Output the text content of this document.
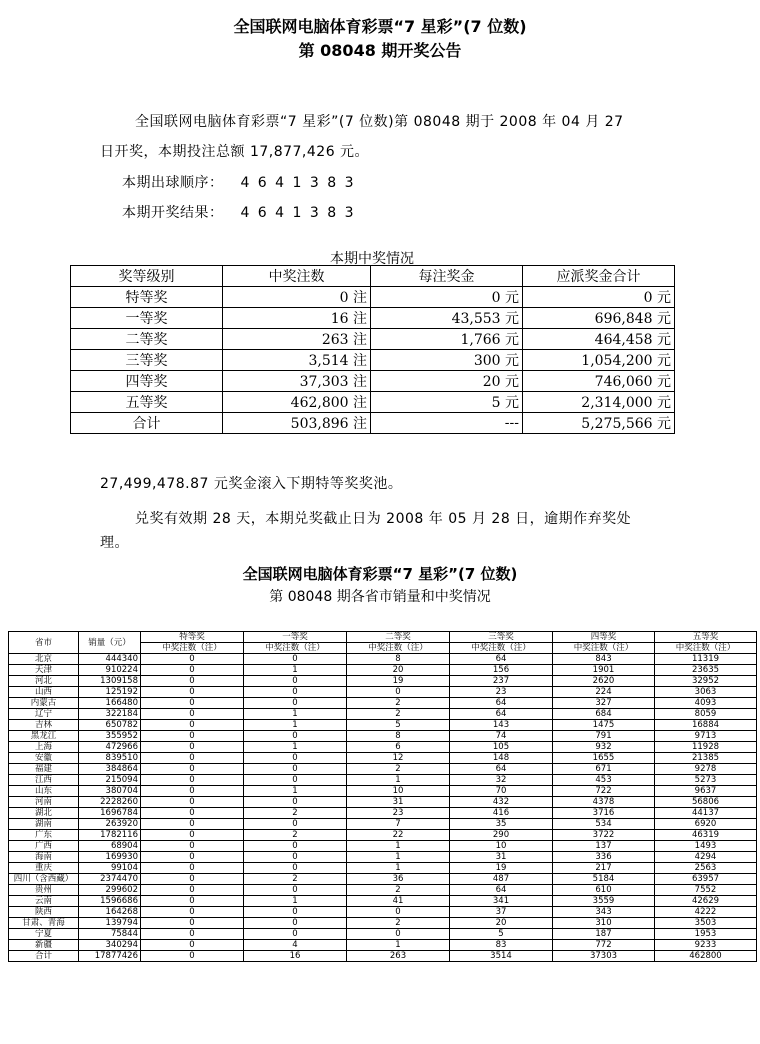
全国联网电脑体育彩票“7 星彩”(7 位数)
第 08048 期开奖公告
全国联网电脑体育彩票“7 星彩”(7 位数)第 08048 期于 2008 年 04 月 27
日开奖，本期投注总额 17,877,426 元。
本期出球顺序： 4 6 4 1 3 8 3
本期开奖结果： 4 6 4 1 3 8 3
本期中奖情况
奖等级别	中奖注数	每注奖金	应派奖金合计
特等奖	0 注	0 元	0 元
一等奖	16 注	43,553 元	696,848 元
二等奖	263 注	1,766 元	464,458 元
三等奖	3,514 注	300 元	1,054,200 元
四等奖	37,303 注	20 元	746,060 元
五等奖	462,800 注	5 元	2,314,000 元
合计	503,896 注	---	5,275,566 元
27,499,478.87 元奖金滚入下期特等奖奖池。
兑奖有效期 28 天，本期兑奖截止日为 2008 年 05 月 28 日，逾期作弃奖处
理。
全国联网电脑体育彩票“7 星彩”(7 位数)
第 08048 期各省市销量和中奖情况
省市	销量（元）	特等奖	一等奖	二等奖	三等奖	四等奖	五等奖
		中奖注数（注）	中奖注数（注）	中奖注数（注）	中奖注数（注）	中奖注数（注）	中奖注数（注）
北京	444340	0	0	8	64	843	11319
天津	910224	0	1	20	156	1901	23635
河北	1309158	0	0	19	237	2620	32952
山西	125192	0	0	0	23	224	3063
内蒙古	166480	0	0	2	64	327	4093
辽宁	322184	0	1	2	64	684	8059
吉林	650782	0	1	5	143	1475	16884
黑龙江	355952	0	0	8	74	791	9713
上海	472966	0	1	6	105	932	11928
安徽	839510	0	0	12	148	1655	21385
福建	384864	0	0	2	64	671	9278
江西	215094	0	0	1	32	453	5273
山东	380704	0	1	10	70	722	9637
河南	2228260	0	0	31	432	4378	56806
湖北	1696784	0	2	23	416	3716	44137
湖南	263920	0	0	7	35	534	6920
广东	1782116	0	2	22	290	3722	46319
广西	68904	0	0	1	10	137	1493
海南	169930	0	0	1	31	336	4294
重庆	99104	0	0	1	19	217	2563
四川（含西藏）	2374470	0	2	36	487	5184	63957
贵州	299602	0	0	2	64	610	7552
云南	1596686	0	1	41	341	3559	42629
陕西	164268	0	0	0	37	343	4222
甘肃、青海	139794	0	0	2	20	310	3503
宁夏	75844	0	0	0	5	187	1953
新疆	340294	0	4	1	83	772	9233
合计	17877426	0	16	263	3514	37303	462800
